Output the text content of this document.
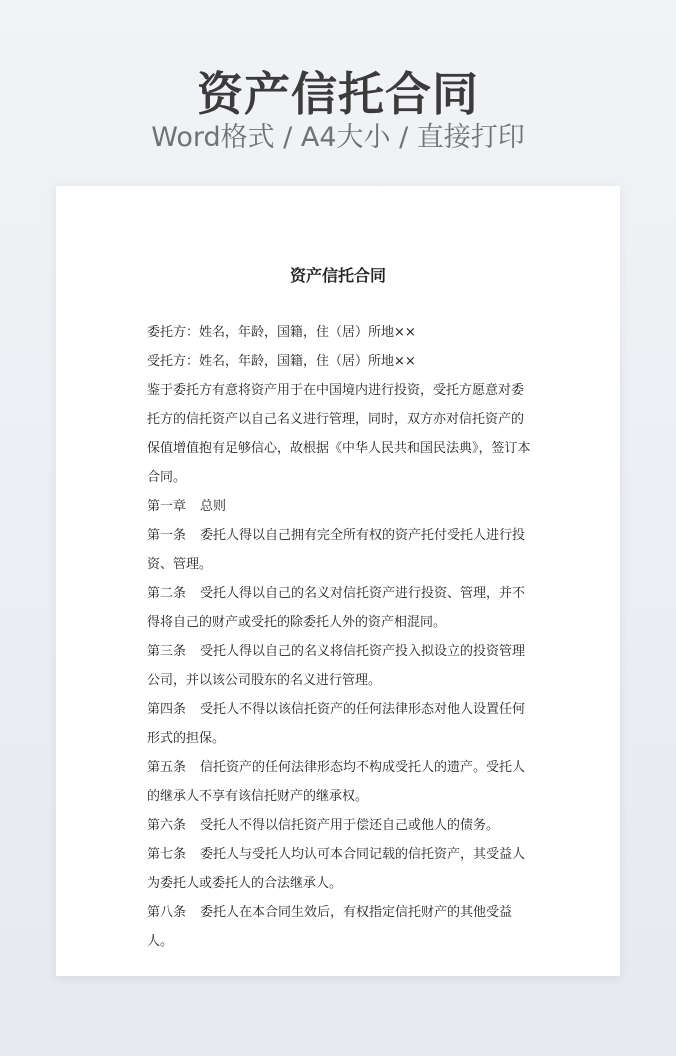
资产信托合同
Word格式 / A4大小 / 直接打印
资产信托合同

委托方：姓名，年龄，国籍，住（居）所地××

受托方：姓名，年龄，国籍，住（居）所地××

鉴于委托方有意将资产用于在中国境内进行投资，受托方愿意对委托方的信托资产以自己名义进行管理，同时，双方亦对信托资产的保值增值抱有足够信心，故根据《中华人民共和国民法典》，签订本合同。

第一章 总则

第一条 委托人得以自己拥有完全所有权的资产托付受托人进行投资、管理。

第二条 受托人得以自己的名义对信托资产进行投资、管理，并不得将自己的财产或受托的除委托人外的资产相混同。

第三条 受托人得以自己的名义将信托资产投入拟设立的投资管理公司，并以该公司股东的名义进行管理。

第四条 受托人不得以该信托资产的任何法律形态对他人设置任何形式的担保。

第五条 信托资产的任何法律形态均不构成受托人的遗产。受托人的继承人不享有该信托财产的继承权。

第六条 受托人不得以信托资产用于偿还自己或他人的债务。

第七条 委托人与受托人均认可本合同记载的信托资产，其受益人为委托人或委托人的合法继承人。

第八条 委托人在本合同生效后，有权指定信托财产的其他受益人。
